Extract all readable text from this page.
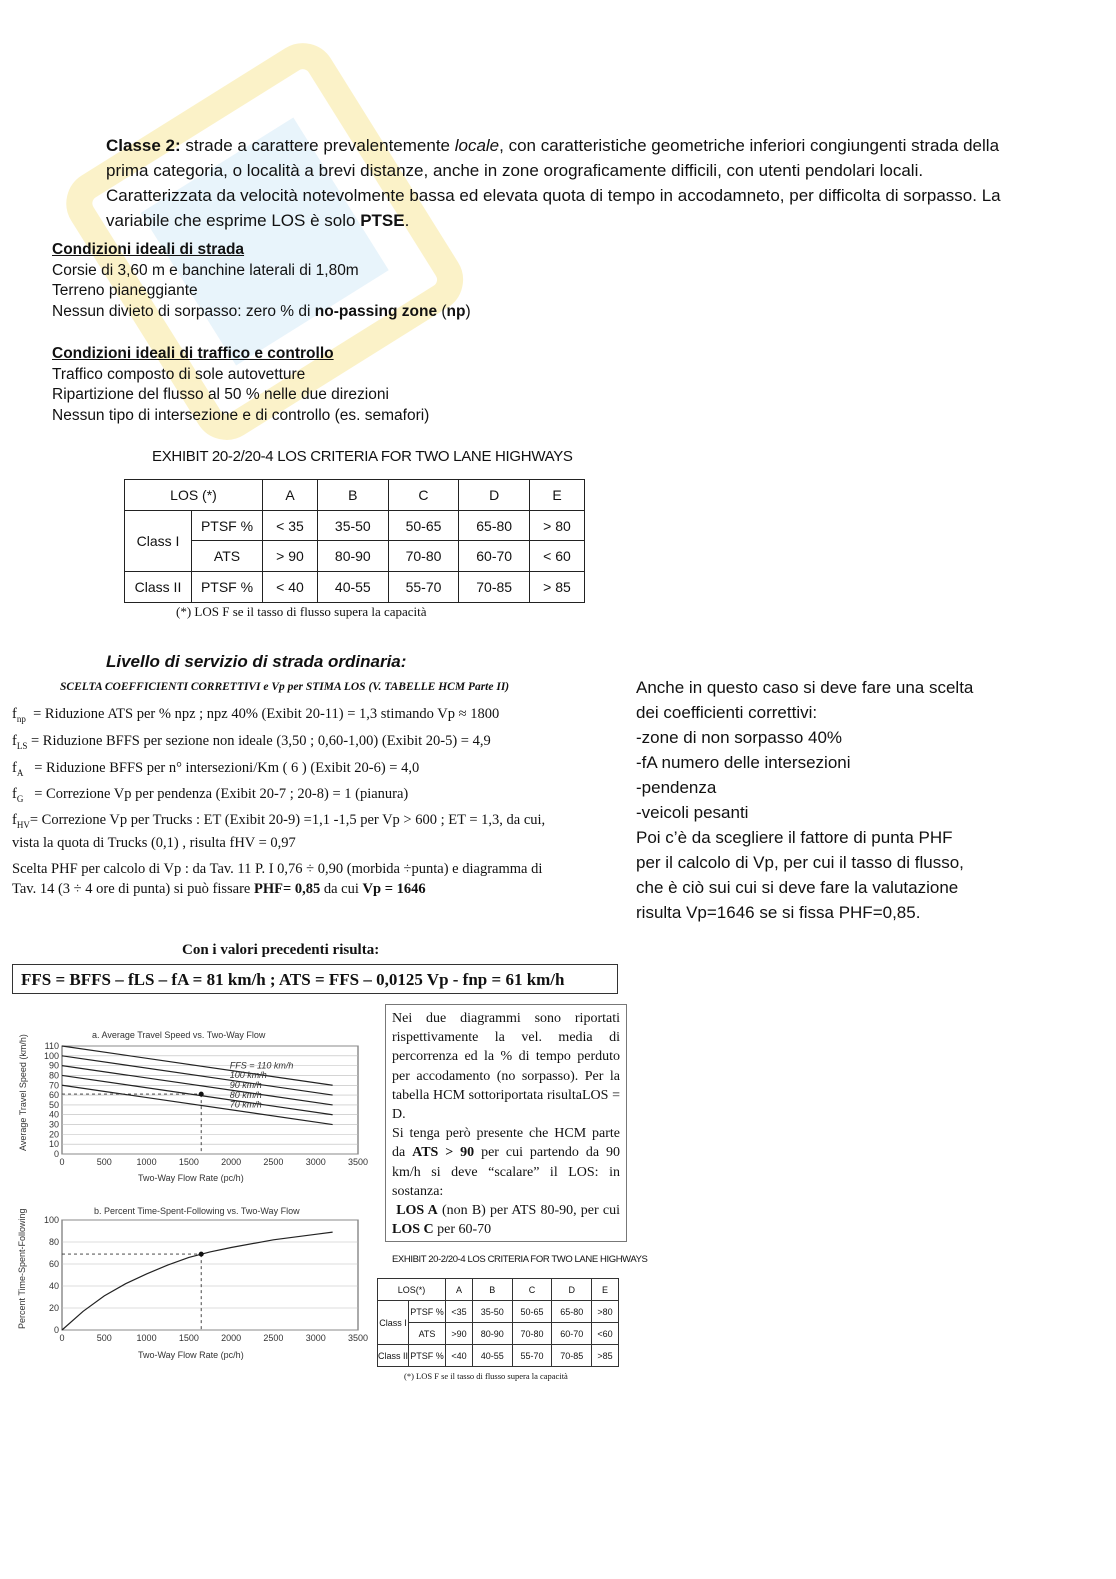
Classe 2: strade a carattere prevalentemente locale, con caratteristiche geometriche inferiori congiungenti strada della prima categoria, o località a brevi distanze, anche in zone orograficamente difficili, con utenti pendolari locali. Caratterizzata da velocità notevolmente bassa ed elevata quota di tempo in accodamneto, per difficolta di sorpasso. La variabile che esprime LOS è solo PTSE.
Condizioni ideali di strada
Corsie di 3,60 m e banchine laterali di 1,80m
Terreno pianeggiante
Nessun divieto di sorpasso: zero % di no-passing zone (np)
Condizioni ideali di traffico e controllo
Traffico composto di sole autovetture
Ripartizione del flusso al 50 % nelle due direzioni
Nessun tipo di intersezione e di controllo (es. semafori)
EXHIBIT 20-2/20-4 LOS CRITERIA FOR TWO LANE HIGHWAYS
LOS (*)		A	B	C	D	E
Class I	PTSF %	< 35	35-50	50-65	65-80	> 80
	ATS	> 90	80-90	70-80	60-70	< 60
Class II	PTSF %	< 40	40-55	55-70	70-85	> 85
(*) LOS F se il tasso di flusso supera la capacità
Livello di servizio di strada ordinaria:
SCELTA COEFFICIENTI CORRETTIVI e Vp per STIMA LOS (V. TABELLE HCM Parte II)
$f_{np}$ = Riduzione ATS per % npz ; npz 40% (Exibit 20-11) = 1,3 stimando Vp ≈ 1800
$f_{LS}$ = Riduzione BFFS per sezione non ideale (3,50 ; 0,60-1,00) (Exibit 20-5) = 4,9
$f_A$ = Riduzione BFFS per n° intersezioni/Km ( 6 ) (Exibit 20-6) = 4,0
$f_G$ = Correzione Vp per pendenza (Exibit 20-7 ; 20-8) = 1 (pianura)
$f_{HV}=$ Correzione Vp per Trucks : ET (Exibit 20-9) =1,1 -1,5 per Vp > 600 ; ET = 1,3, da cui,
vista la quota di Trucks (0,1) , risulta fHV = 0,97
Scelta PHF per calcolo di Vp : da Tav. 11 P. I 0,76 ÷ 0,90 (morbida ÷punta) e diagramma di
Tav. 14 (3 ÷ 4 ore di punta) si può fissare PHF= 0,85 da cui Vp = 1646
Anche in questo caso si deve fare una scelta
dei coefficienti correttivi:
-zone di non sorpasso 40%
-fA numero delle intersezioni
-pendenza
-veicoli pesanti
Poi c’è da scegliere il fattore di punta PHF
per il calcolo di Vp, per cui il tasso di flusso,
che è ciò sui cui si deve fare la valutazione
risulta Vp=1646 se si fissa PHF=0,85.
Con i valori precedenti risulta:
FFS = BFFS – fLS – fA = 81 km/h ; ATS = FFS – 0,0125 Vp - fnp = 61 km/h
a. Average Travel Speed vs. Two-Way Flow
Average Travel Speed (km/h)
Two-Way Flow Rate (pc/h)
0
10
20
30
40
50
60
70
80
90
100
110
0	500	1000 1500 2000 2500 3000 3500
FFS = 110 km/h
100 km/h
90 km/h
80 km/h
70 km/h
b. Percent Time-Spent-Following vs. Two-Way Flow
Percent Time-Spent-Following
Two-Way Flow Rate (pc/h)
0
20
40
60
80
100
0	500	1000 1500 2000 2500 3000 3500
Nei due diagrammi sono riportati rispettivamente la vel. media di percorrenza ed la % di tempo perduto per accodamento (no sorpasso). Per la tabella HCM sottoriportata risultaLOS = D.
Si tenga però presente che HCM parte da ATS > 90 per cui partendo da 90 km/h si deve “scalare” il LOS: in sostanza:
LOS A (non B) per ATS 80-90, per cui LOS C per 60-70
EXHIBIT 20-2/20-4 LOS CRITERIA FOR TWO LANE HIGHWAYS
LOS(*)		A	B	C	D	E
Class I	PTSF %	<35	35-50	50-65	65-80	>80
	ATS	>90	80-90	70-80	60-70	<60
Class II	PTSF %	<40	40-55	55-70	70-85	>85
(*) LOS F se il tasso di flusso supera la capacità
